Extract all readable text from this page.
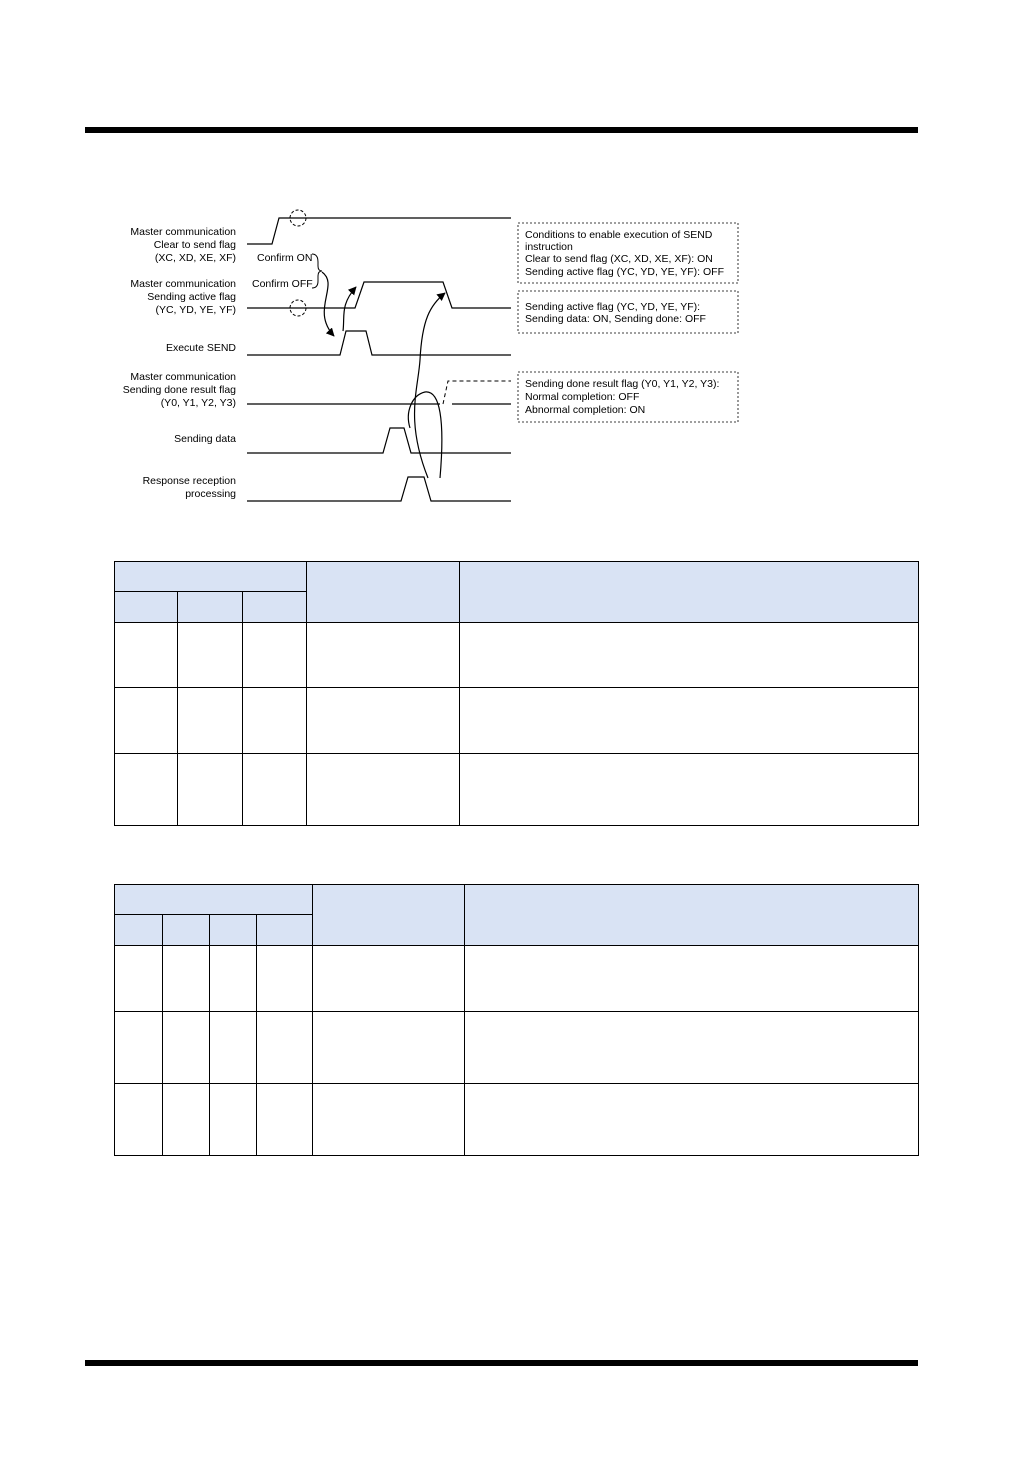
Master communication
Clear to send flag
(XC, XD, XE, XF)
Master communication
Sending active flag
(YC, YD, YE, YF)
Execute SEND
Master communication
Sending done result flag
(Y0, Y1, Y2, Y3)
Sending data
Response reception
processing
Confirm ON
Confirm OFF
Conditions to enable execution of SEND
instruction
Clear to send flag (XC, XD, XE, XF): ON
Sending active flag (YC, YD, YE, YF): OFF
Sending active flag (YC, YD, YE, YF):
Sending data: ON, Sending done: OFF
Sending done result flag (Y0, Y1, Y2, Y3):
Normal completion: OFF
Abnormal completion: ON
